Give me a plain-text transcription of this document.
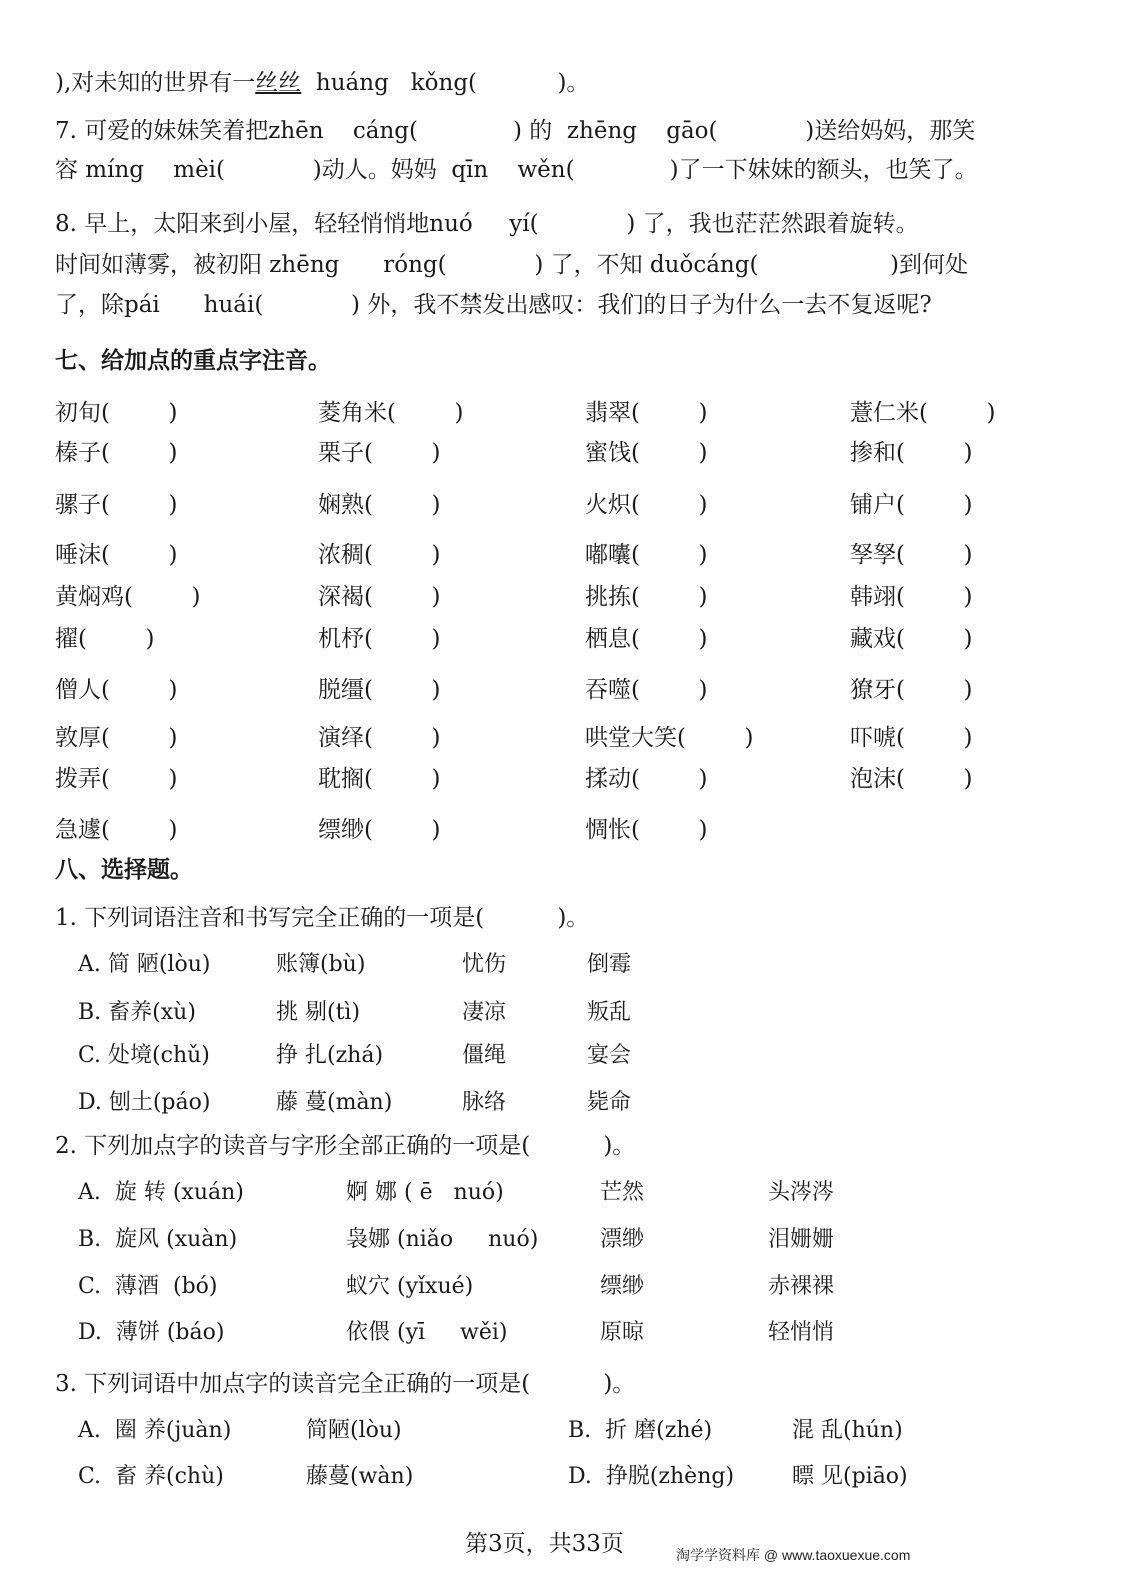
),对未知的世界有一丝丝  huáng   kǒng(           )。
7. 可爱的妹妹笑着把zhēn    cáng(             ) 的  zhēng    gāo(            )送给妈妈，那笑
容 míng    mèi(            )动人。妈妈  qīn    wěn(             )了一下妹妹的额头，也笑了。
8. 早上，太阳来到小屋，轻轻悄悄地nuó     yí(            ) 了，我也茫茫然跟着旋转。
时间如薄雾，被初阳 zhēng      róng(            ) 了，不知 duǒcáng(                  )到何处
了，除pái      huái(            ) 外，我不禁发出感叹：我们的日子为什么一去不复返呢?
七、给加点的重点字注音。
初旬(        )	菱角米(        )	翡翠(        )	薏仁米(        )
榛子(        )	栗子(        )	蜜饯(        )	掺和(        )
骡子(        )	娴熟(        )	火炽(        )	铺户(        )
唾沫(        )	浓稠(        )	嘟囔(        )	孥孥(        )
黄焖鸡(        )	深褐(        )	挑拣(        )	韩翊(        )
擢(        )	机杼(        )	栖息(        )	藏戏(        )
僧人(        )	脱缰(        )	吞噬(        )	獠牙(        )
敦厚(        )	演绎(        )	哄堂大笑(        )	吓唬(        )
拨弄(        )	耽搁(        )	揉动(        )	泡沫(        )
急遽(        )	缥缈(        )	惆怅(        )
八、选择题。
1. 下列词语注音和书写完全正确的一项是(          )。
A. 简 陋(lòu)	账簿(bù)	忧伤	倒霉
B. 畜养(xù)	挑 剔(tì)	凄凉	叛乱
C. 处境(chǔ)	挣 扎(zhá)	僵绳	宴会
D. 刨土(páo)	藤 蔓(màn)	脉络	毙命
2. 下列加点字的读音与字形全部正确的一项是(          )。
A.  旋 转 (xuán)	婀 娜 ( ē   nuó)	芒然	头涔涔
B.  旋风 (xuàn)	袅娜 (niǎo     nuó)	漂缈	泪姗姗
C.  薄酒  (bó)	蚁穴 (yǐxué)	缥缈	赤裸裸
D.  薄饼 (báo)	依偎 (yī     wěi)	原晾	轻悄悄
3. 下列词语中加点字的读音完全正确的一项是(          )。
A.  圈 养(juàn)	简陋(lòu)	B.  折 磨(zhé)	混 乱(hún)
C.  畜 养(chù)	藤蔓(wàn)	D.  挣脱(zhèng)	瞟 见(piāo)
第3页，共33页	淘学学资料库 @ www.taoxuexue.com
